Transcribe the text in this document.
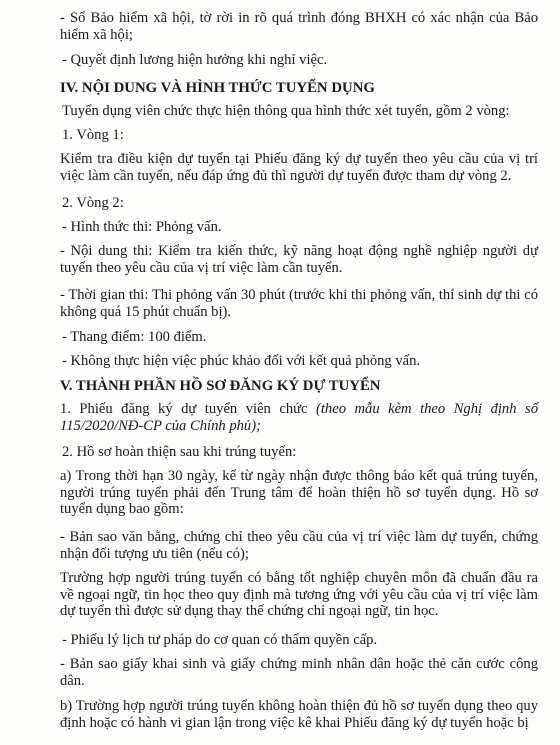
- Sổ Bảo hiểm xã hội, tờ rời in rõ quá trình đóng BHXH có xác nhận của Bảo hiểm xã hội;

- Quyết định lương hiện hưởng khi nghỉ việc.

IV. NỘI DUNG VÀ HÌNH THỨC TUYỂN DỤNG

Tuyển dụng viên chức thực hiện thông qua hình thức xét tuyển, gồm 2 vòng:

1. Vòng 1:

Kiểm tra điều kiện dự tuyển tại Phiếu đăng ký dự tuyển theo yêu cầu của vị trí việc làm cần tuyển, nếu đáp ứng đủ thì người dự tuyển được tham dự vòng 2.

2. Vòng 2:

- Hình thức thi: Phỏng vấn.

- Nội dung thi: Kiểm tra kiến thức, kỹ năng hoạt động nghề nghiệp người dự tuyển theo yêu cầu của vị trí việc làm cần tuyển.

- Thời gian thi: Thi phỏng vấn 30 phút (trước khi thi phỏng vấn, thí sinh dự thi có không quá 15 phút chuẩn bị).

- Thang điểm: 100 điểm.

- Không thực hiện việc phúc khảo đối với kết quả phỏng vấn.

V. THÀNH PHẦN HỒ SƠ ĐĂNG KÝ DỰ TUYỂN

1. Phiếu đăng ký dự tuyển viên chức (theo mẫu kèm theo Nghị định số 115/2020/NĐ-CP của Chính phủ);

2. Hồ sơ hoàn thiện sau khi trúng tuyển:

a) Trong thời hạn 30 ngày, kể từ ngày nhận được thông báo kết quả trúng tuyển, người trúng tuyển phải đến Trung tâm để hoàn thiện hồ sơ tuyển dụng. Hồ sơ tuyển dụng bao gồm:

- Bản sao văn bằng, chứng chỉ theo yêu cầu của vị trí việc làm dự tuyển, chứng nhận đối tượng ưu tiên (nếu có);

Trường hợp người trúng tuyển có bằng tốt nghiệp chuyên môn đã chuẩn đầu ra về ngoại ngữ, tin học theo quy định mà tương ứng với yêu cầu của vị trí việc làm dự tuyển thì được sử dụng thay thế chứng chỉ ngoại ngữ, tin học.

- Phiếu lý lịch tư pháp do cơ quan có thẩm quyền cấp.

- Bản sao giấy khai sinh và giấy chứng minh nhân dân hoặc thẻ căn cước công dân.

b) Trường hợp người trúng tuyển không hoàn thiện đủ hồ sơ tuyển dụng theo quy định hoặc có hành vi gian lận trong việc kê khai Phiếu đăng ký dự tuyển hoặc bị
